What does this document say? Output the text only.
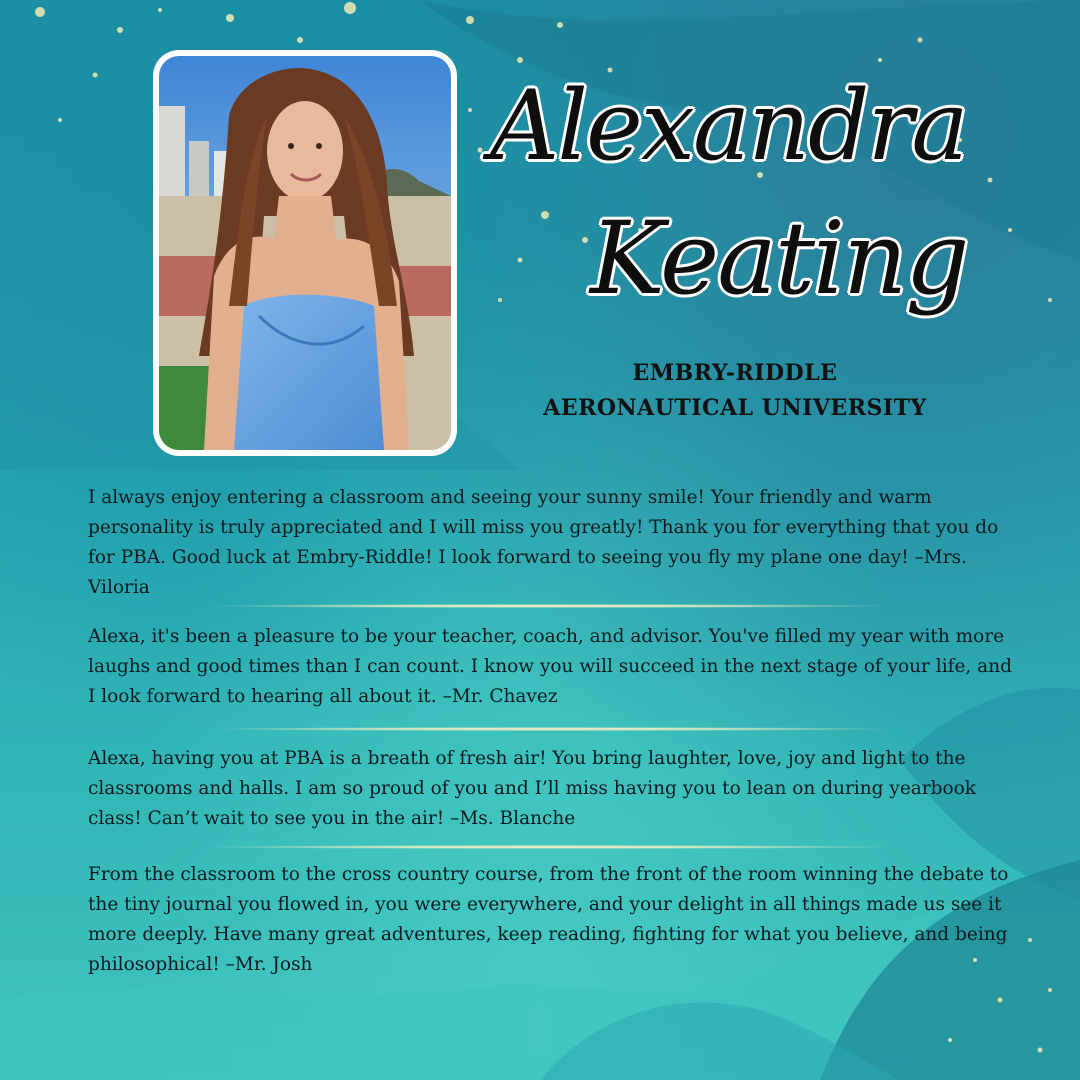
Alexandra
Keating
EMBRY-RIDDLE
AERONAUTICAL UNIVERSITY
I always enjoy entering a classroom and seeing your sunny smile! Your friendly and warm personality is truly appreciated and I will miss you greatly! Thank you for everything that you do for PBA. Good luck at Embry-Riddle! I look forward to seeing you fly my plane one day! –Mrs. Viloria
Alexa, it's been a pleasure to be your teacher, coach, and advisor. You've filled my year with more laughs and good times than I can count. I know you will succeed in the next stage of your life, and I look forward to hearing all about it. –Mr. Chavez
Alexa, having you at PBA is a breath of fresh air! You bring laughter, love, joy and light to the classrooms and halls. I am so proud of you and I’ll miss having you to lean on during yearbook class! Can’t wait to see you in the air! –Ms. Blanche
From the classroom to the cross country course, from the front of the room winning the debate to the tiny journal you flowed in, you were everywhere, and your delight in all things made us see it more deeply. Have many great adventures, keep reading, fighting for what you believe, and being philosophical! –Mr. Josh
